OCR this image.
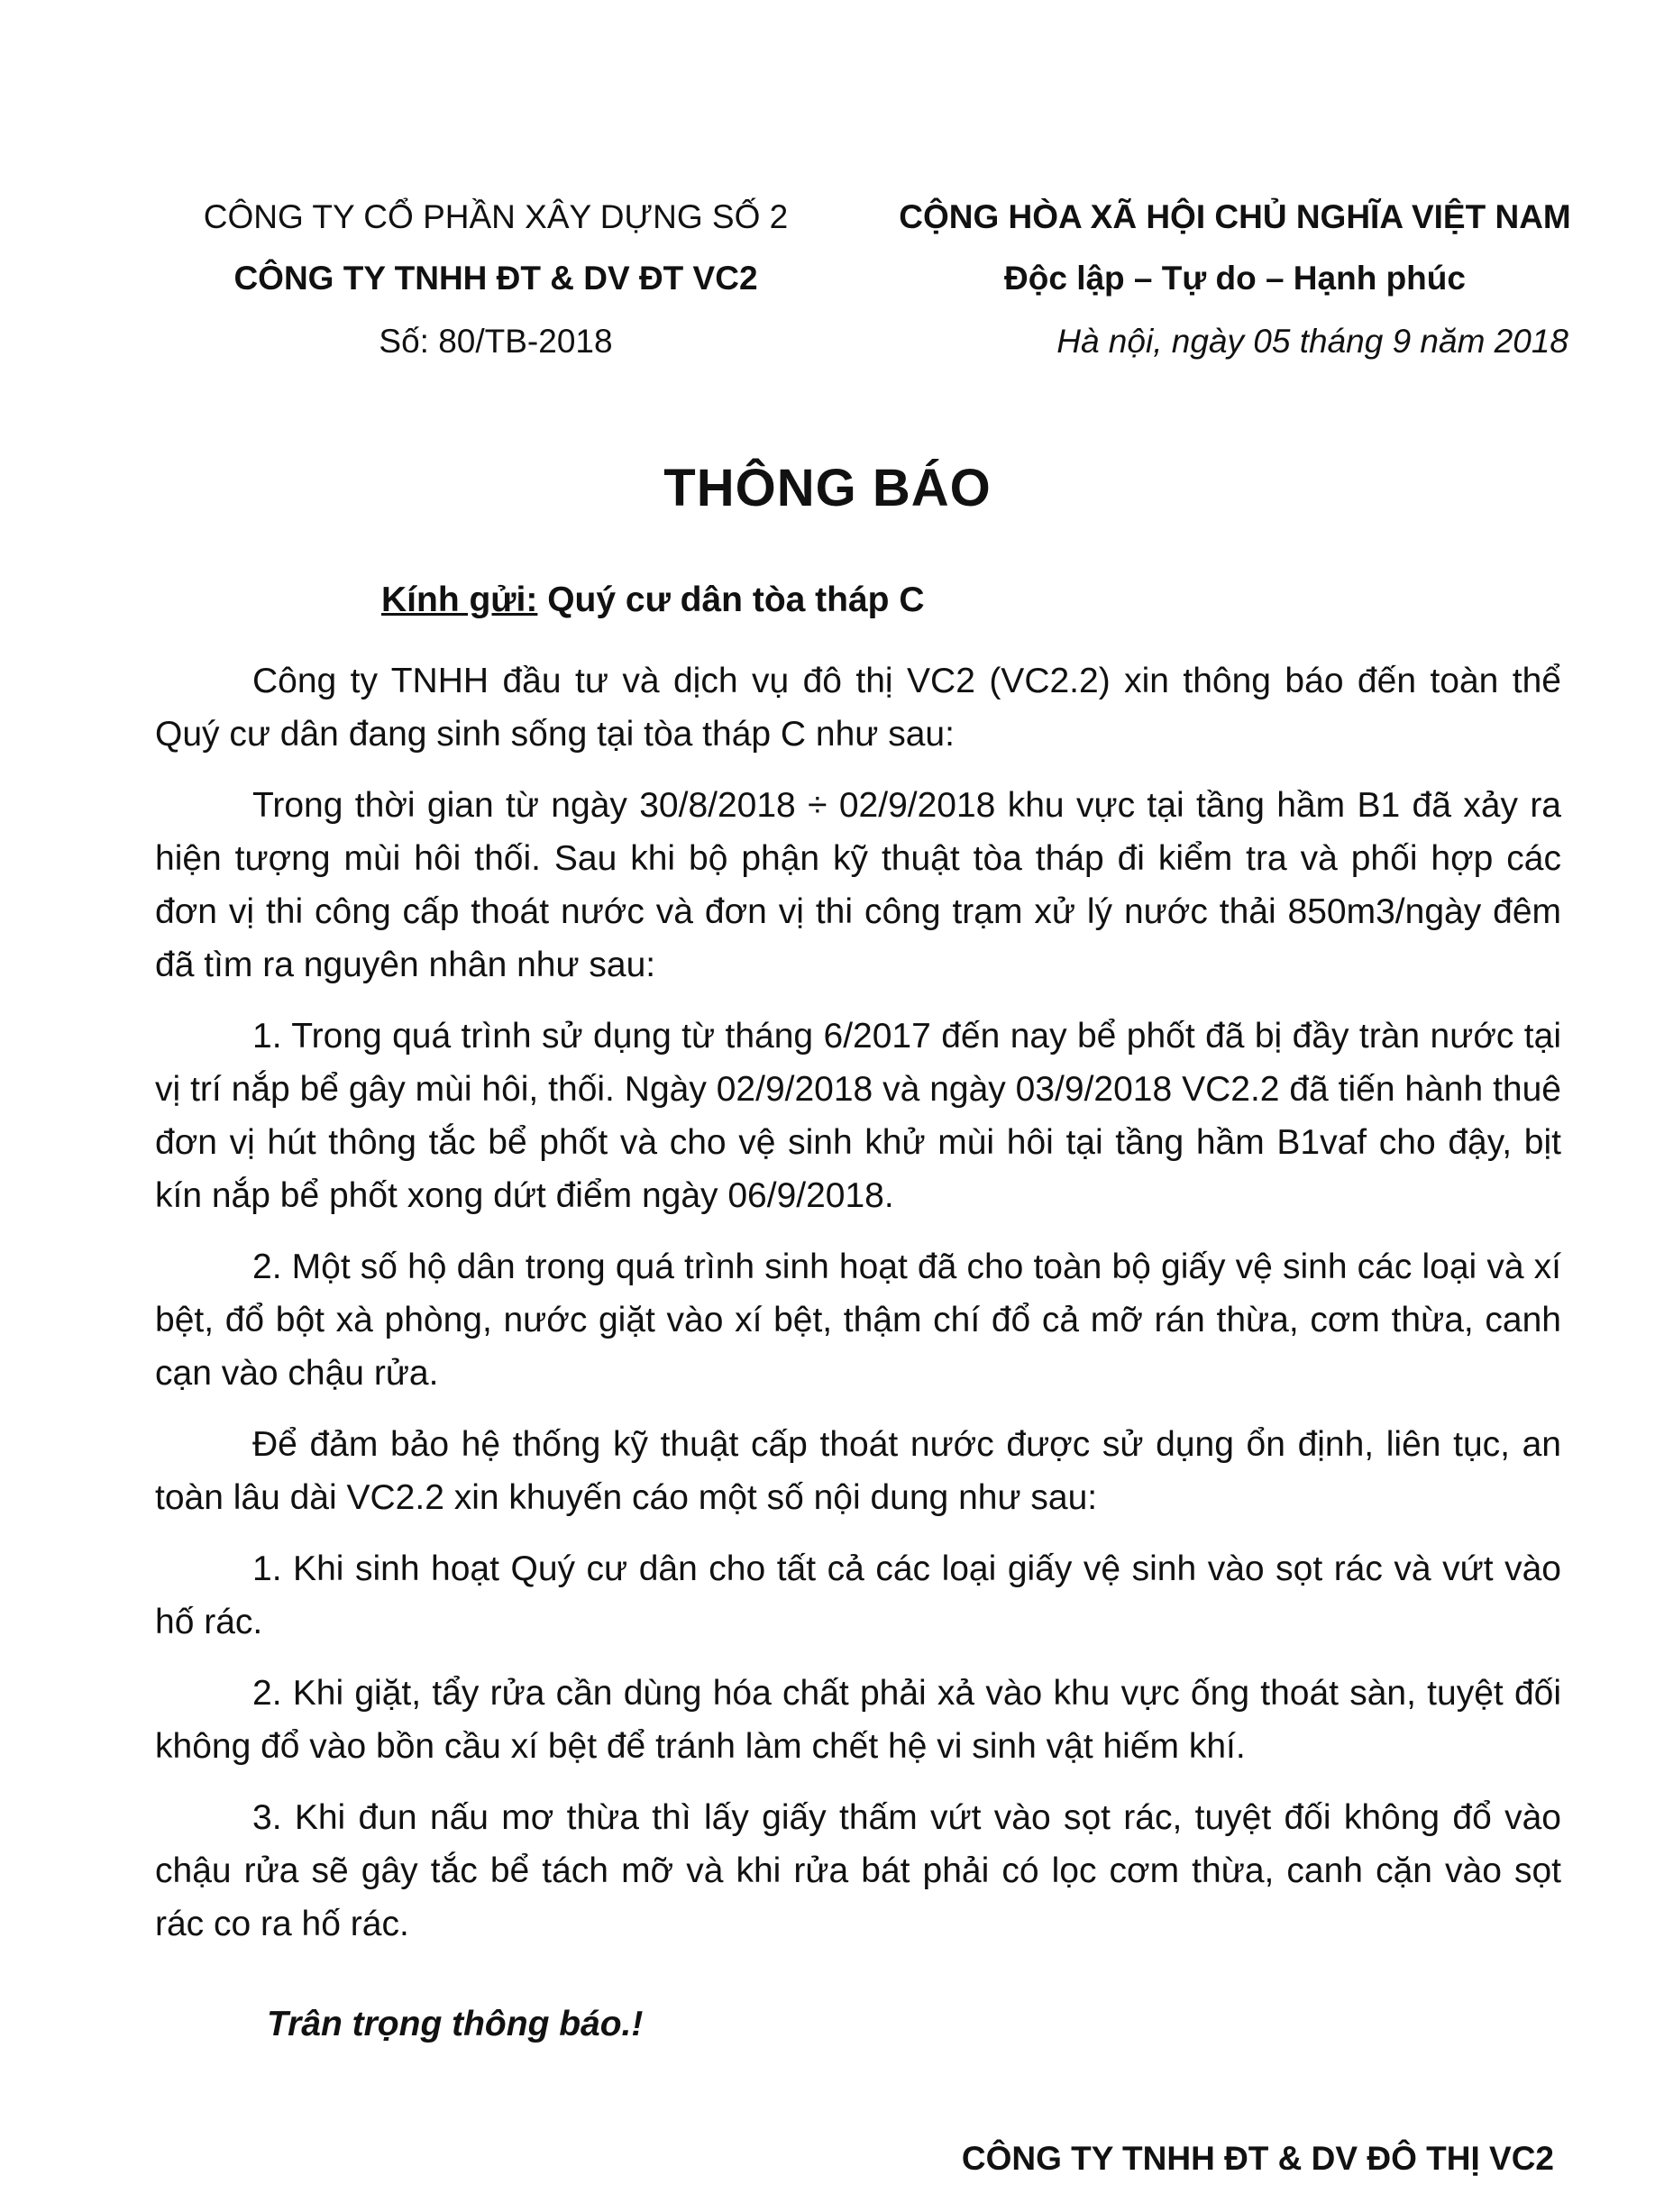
CÔNG TY CỔ PHẦN XÂY DỰNG SỐ 2
CÔNG TY TNHH ĐT & DV ĐT VC2
Số: 80/TB-2018
CỘNG HÒA XÃ HỘI CHỦ NGHĨA VIỆT NAM
Độc lập – Tự do – Hạnh phúc
Hà nội, ngày 05 tháng 9 năm 2018
THÔNG BÁO
Kính gửi: Quý cư dân tòa tháp C

Công ty TNHH đầu tư và dịch vụ đô thị VC2 (VC2.2) xin thông báo đến toàn thể Quý cư dân đang sinh sống tại tòa tháp C như sau:

Trong thời gian từ ngày 30/8/2018 ÷ 02/9/2018 khu vực tại tầng hầm B1 đã xảy ra hiện tượng mùi hôi thối. Sau khi bộ phận kỹ thuật tòa tháp đi kiểm tra và phối hợp các đơn vị thi công cấp thoát nước và đơn vị thi công trạm xử lý nước thải 850m3/ngày đêm đã tìm ra nguyên nhân như sau:

1. Trong quá trình sử dụng từ tháng 6/2017 đến nay bể phốt đã bị đầy tràn nước tại vị trí nắp bể gây mùi hôi, thối. Ngày 02/9/2018 và ngày 03/9/2018 VC2.2 đã tiến hành thuê đơn vị hút thông tắc bể phốt và cho vệ sinh khử mùi hôi tại tầng hầm B1vaf cho đậy, bịt kín nắp bể phốt xong dứt điểm ngày 06/9/2018.

2. Một số hộ dân trong quá trình sinh hoạt đã cho toàn bộ giấy vệ sinh các loại và xí bệt, đổ bột xà phòng, nước giặt vào xí bệt, thậm chí đổ cả mỡ rán thừa, cơm thừa, canh cạn vào chậu rửa.

Để đảm bảo hệ thống kỹ thuật cấp thoát nước được sử dụng ổn định, liên tục, an toàn lâu dài VC2.2 xin khuyến cáo một số nội dung như sau:

1. Khi sinh hoạt Quý cư dân cho tất cả các loại giấy vệ sinh vào sọt rác và vứt vào hố rác.

2. Khi giặt, tẩy rửa cần dùng hóa chất phải xả vào khu vực ống thoát sàn, tuyệt đối không đổ vào bồn cầu xí bệt để tránh làm chết hệ vi sinh vật hiếm khí.

3. Khi đun nấu mơ thừa thì lấy giấy thấm vứt vào sọt rác, tuyệt đối không đổ vào chậu rửa sẽ gây tắc bể tách mỡ và khi rửa bát phải có lọc cơm thừa, canh cặn vào sọt rác co ra hố rác.

Trân trọng thông báo.!
CÔNG TY TNHH ĐT & DV ĐÔ THỊ VC2
